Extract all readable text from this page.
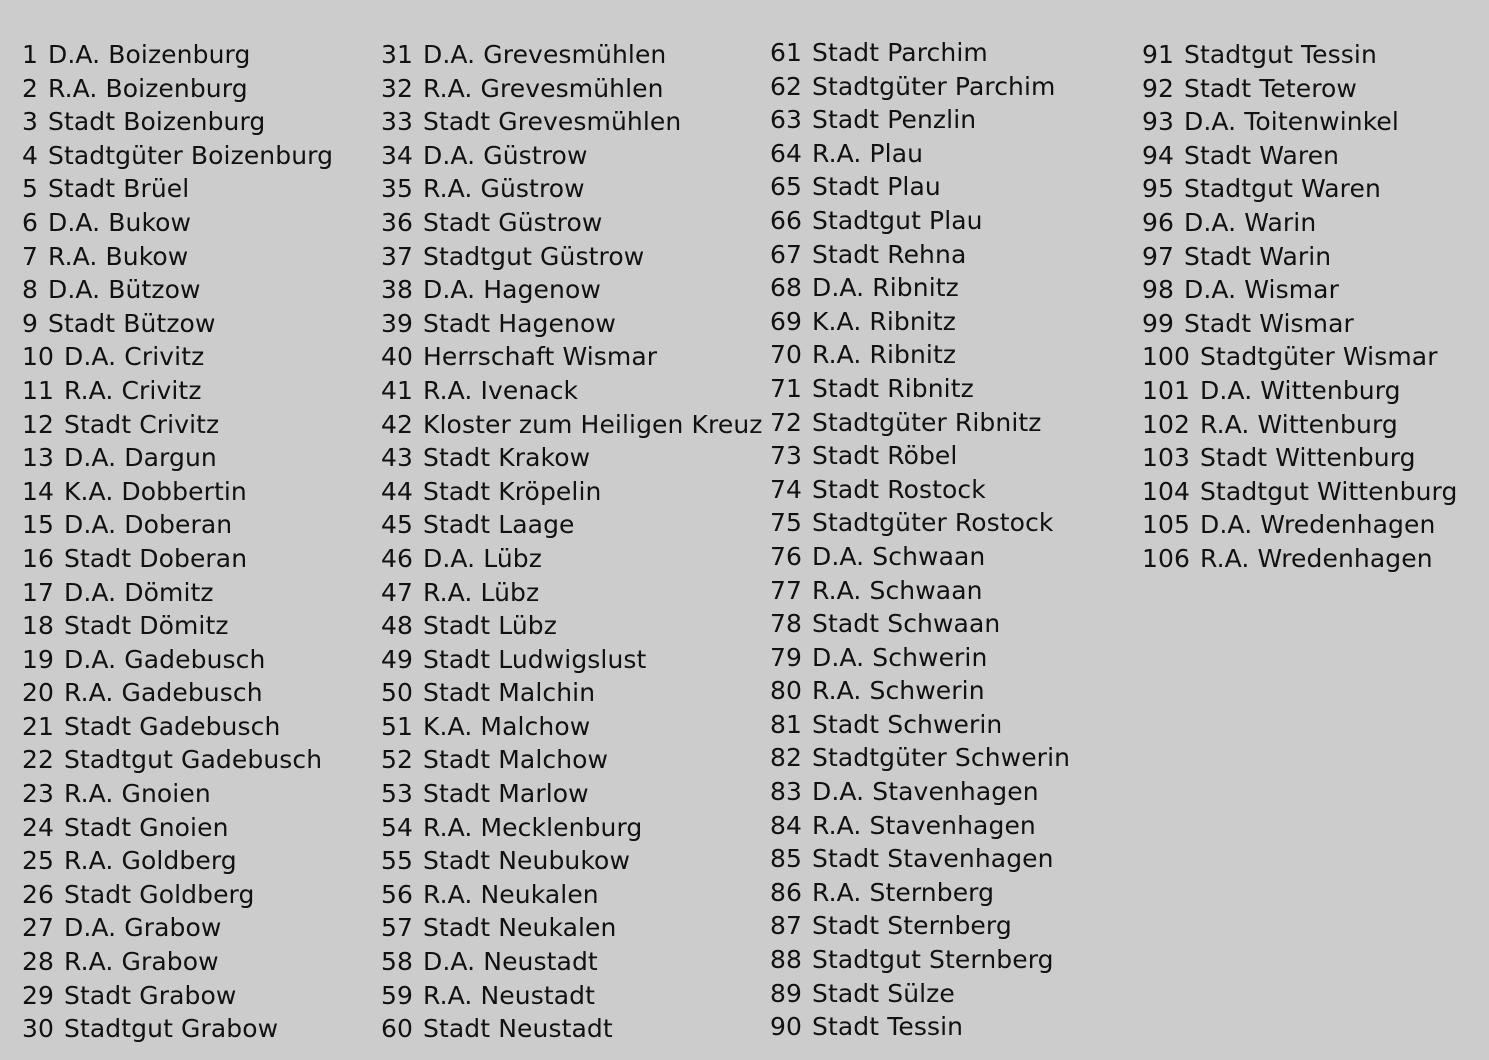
1 D.A. Boizenburg
2 R.A. Boizenburg
3 Stadt Boizenburg
4 Stadtgüter Boizenburg
5 Stadt Brüel
6 D.A. Bukow
7 R.A. Bukow
8 D.A. Bützow
9 Stadt Bützow
10 D.A. Crivitz
11 R.A. Crivitz
12 Stadt Crivitz
13 D.A. Dargun
14 K.A. Dobbertin
15 D.A. Doberan
16 Stadt Doberan
17 D.A. Dömitz
18 Stadt Dömitz
19 D.A. Gadebusch
20 R.A. Gadebusch
21 Stadt Gadebusch
22 Stadtgut Gadebusch
23 R.A. Gnoien
24 Stadt Gnoien
25 R.A. Goldberg
26 Stadt Goldberg
27 D.A. Grabow
28 R.A. Grabow
29 Stadt Grabow
30 Stadtgut Grabow
31 D.A. Grevesmühlen
32 R.A. Grevesmühlen
33 Stadt Grevesmühlen
34 D.A. Güstrow
35 R.A. Güstrow
36 Stadt Güstrow
37 Stadtgut Güstrow
38 D.A. Hagenow
39 Stadt Hagenow
40 Herrschaft Wismar
41 R.A. Ivenack
42 Kloster zum Heiligen Kreuz
43 Stadt Krakow
44 Stadt Kröpelin
45 Stadt Laage
46 D.A. Lübz
47 R.A. Lübz
48 Stadt Lübz
49 Stadt Ludwigslust
50 Stadt Malchin
51 K.A. Malchow
52 Stadt Malchow
53 Stadt Marlow
54 R.A. Mecklenburg
55 Stadt Neubukow
56 R.A. Neukalen
57 Stadt Neukalen
58 D.A. Neustadt
59 R.A. Neustadt
60 Stadt Neustadt
61 Stadt Parchim
62 Stadtgüter Parchim
63 Stadt Penzlin
64 R.A. Plau
65 Stadt Plau
66 Stadtgut Plau
67 Stadt Rehna
68 D.A. Ribnitz
69 K.A. Ribnitz
70 R.A. Ribnitz
71 Stadt Ribnitz
72 Stadtgüter Ribnitz
73 Stadt Röbel
74 Stadt Rostock
75 Stadtgüter Rostock
76 D.A. Schwaan
77 R.A. Schwaan
78 Stadt Schwaan
79 D.A. Schwerin
80 R.A. Schwerin
81 Stadt Schwerin
82 Stadtgüter Schwerin
83 D.A. Stavenhagen
84 R.A. Stavenhagen
85 Stadt Stavenhagen
86 R.A. Sternberg
87 Stadt Sternberg
88 Stadtgut Sternberg
89 Stadt Sülze
90 Stadt Tessin
91 Stadtgut Tessin
92 Stadt Teterow
93 D.A. Toitenwinkel
94 Stadt Waren
95 Stadtgut Waren
96 D.A. Warin
97 Stadt Warin
98 D.A. Wismar
99 Stadt Wismar
100 Stadtgüter Wismar
101 D.A. Wittenburg
102 R.A. Wittenburg
103 Stadt Wittenburg
104 Stadtgut Wittenburg
105 D.A. Wredenhagen
106 R.A. Wredenhagen
